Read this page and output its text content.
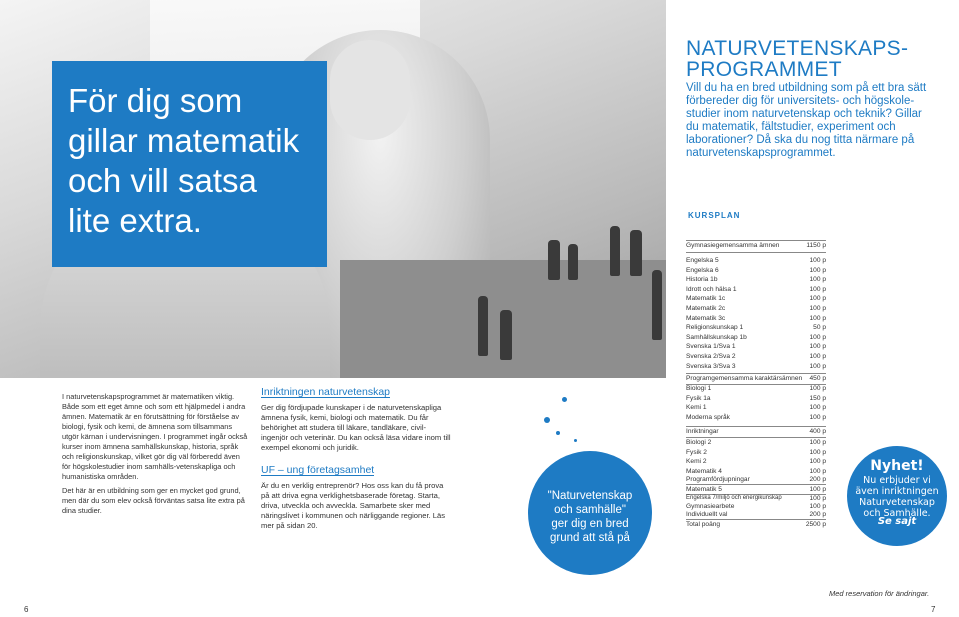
För dig som
gillar matematik
och vill satsa
lite extra.
NATURVETENSKAPS-
PROGRAMMET
Vill du ha en bred utbildning som på ett bra sätt förbereder dig för universitets- och högskole-studier inom naturvetenskap och teknik? Gillar du matematik, fältstudier, experiment och laborationer? Då ska du nog titta närmare på naturvetenskapsprogrammet.
KURSPLAN
Gymnasiegemensamma ämnen	1150 p
Engelska 5	100 p
Engelska 6	100 p
Historia 1b	100 p
Idrott och hälsa 1	100 p
Matematik 1c	100 p
Matematik 2c	100 p
Matematik 3c	100 p
Religionskunskap 1	50 p
Samhällskunskap 1b	100 p
Svenska 1/Sva 1	100 p
Svenska 2/Sva 2	100 p
Svenska 3/Sva 3	100 p
Programgemensamma karaktärsämnen 450 p
Biologi 1	100 p
Fysik 1a	150 p
Kemi 1	100 p
Moderna språk	100 p
Inriktningar	400 p
Biologi 2	100 p
Fysik 2	100 p
Kemi 2	100 p
Matematik 4	100 p
Programfördjupningar	200 p
Matematik 5	100 p
Engelska 7/miljö och energikunskap	100 p
Gymnasiearbete	100 p
Individuellt val	200 p
Total poäng	2500 p

I naturvetenskapsprogrammet är matematiken viktig. Både som ett eget ämne och som ett hjälpmedel i andra ämnen. Matematik är en förutsättning för förståelse av biologi, fysik och kemi, de ämnena som tillsammans utgör kärnan i undervisningen. I programmet ingår också kurser inom ämnena samhällskunskap, historia, språk och religionskunskap, vilket gör dig väl förberedd även för högskolestudier inom samhälls-vetenskapliga och humanistiska områden.

Det här är en utbildning som ger en mycket god grund, men där du som elev också förväntas satsa lite extra på dina studier.

Inriktningen naturvetenskap

Ger dig fördjupade kunskaper i de naturvetenskapliga ämnena fysik, kemi, biologi och matematik. Du får behörighet att studera till läkare, tandläkare, civil-ingenjör och veterinär. Du kan också läsa vidare inom till exempel ekonomi och juridik.

UF – ung företagsamhet

Är du en verklig entreprenör? Hos oss kan du få prova på att driva egna verklighetsbaserade företag. Starta, driva, utveckla och avveckla. Samarbete sker med näringslivet i kommunen och närliggande regioner. Läs mer på sidan 20.

"Naturvetenskap
och samhälle"
ger dig en bred
grund att stå på
Nyhet!
Nu erbjuder vi
även inriktningen
Naturvetenskap
och Samhälle.
Se sajt
Med reservation för ändringar.
6	7
